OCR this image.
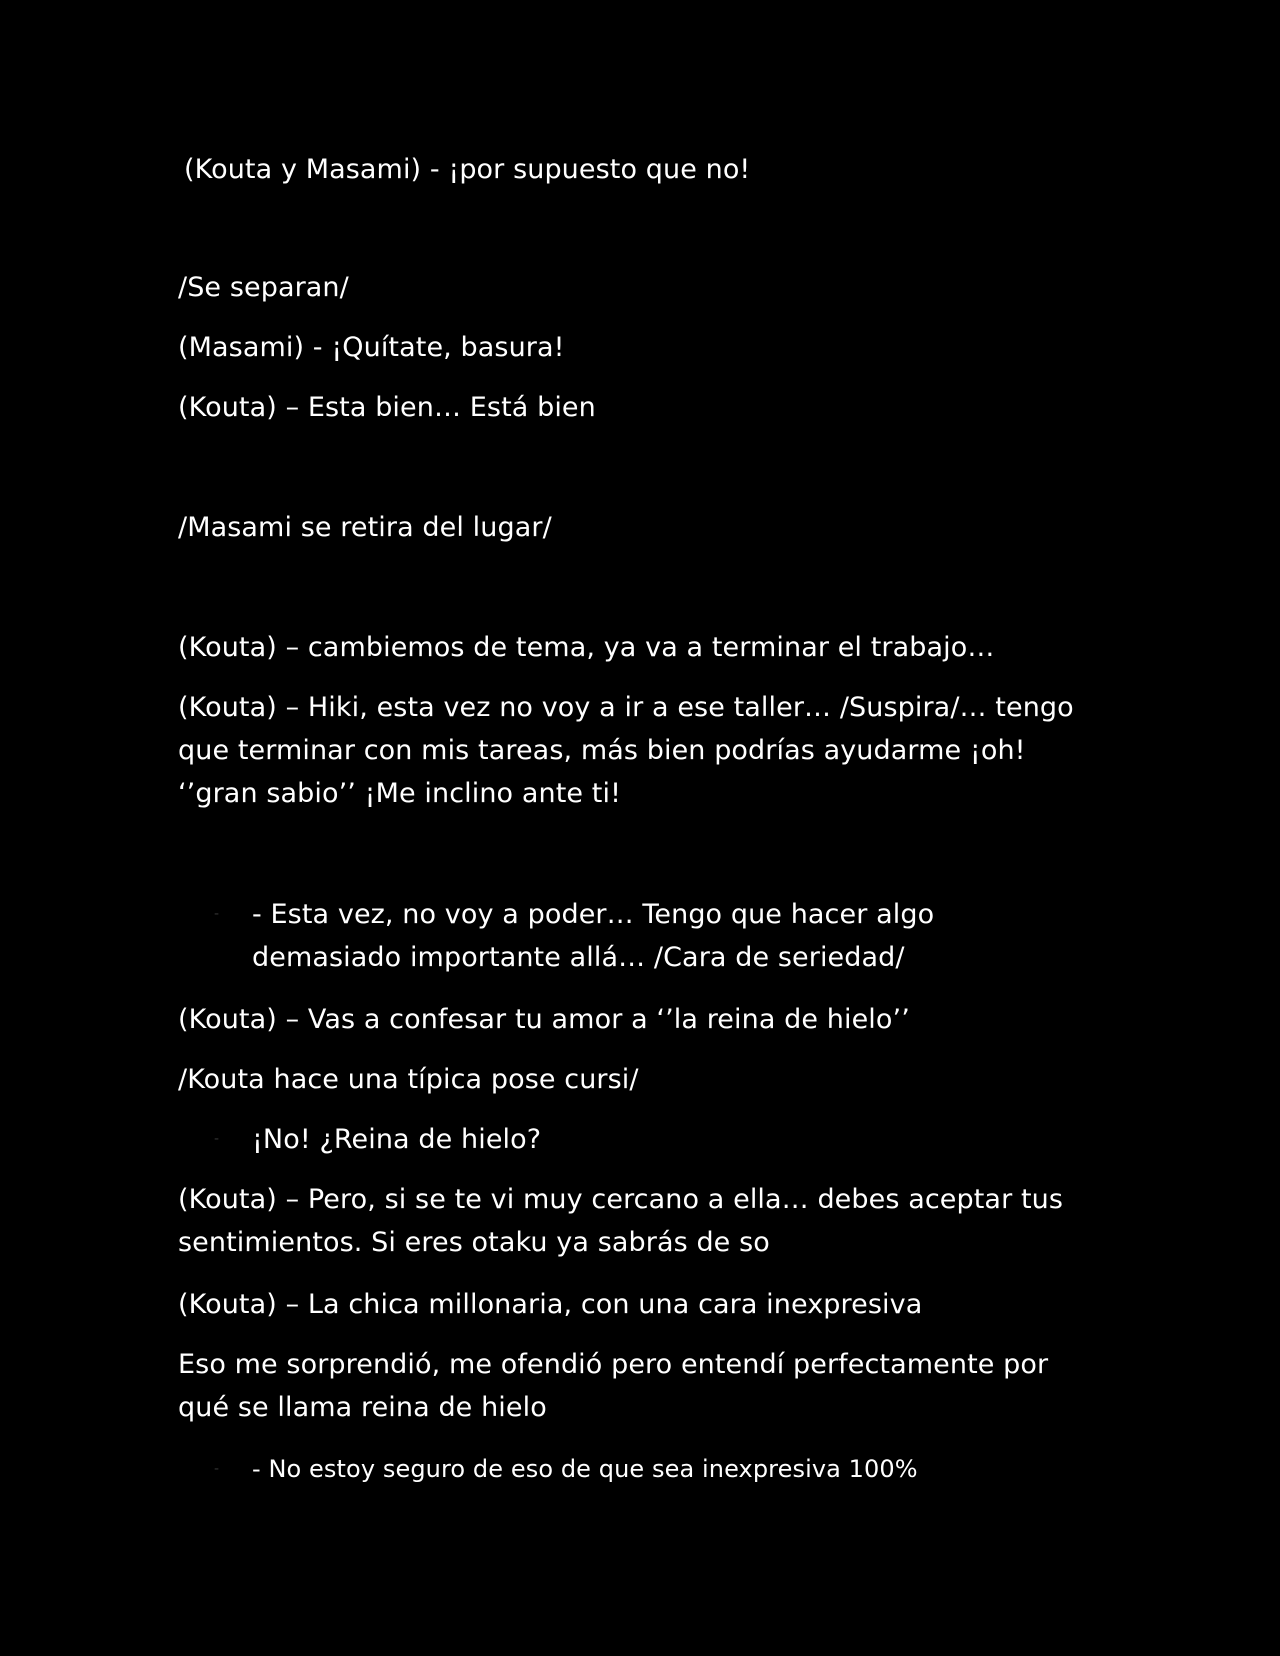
(Kouta y Masami) - ¡por supuesto que no!
/Se separan/
(Masami) - ¡Quítate, basura!
(Kouta) – Esta bien… Está bien
/Masami se retira del lugar/
(Kouta) – cambiemos de tema, ya va a terminar el trabajo…
(Kouta) – Hiki, esta vez no voy a ir a ese taller… /Suspira/… tengo que terminar con mis tareas, más bien podrías ayudarme ¡oh! ‘’gran sabio’’ ¡Me inclino ante ti!
- - Esta vez, no voy a poder… Tengo que hacer algo demasiado importante allá… /Cara de seriedad/
(Kouta) – Vas a confesar tu amor a ‘’la reina de hielo’’
/Kouta hace una típica pose cursi/
- ¡No! ¿Reina de hielo?
(Kouta) – Pero, si se te vi muy cercano a ella… debes aceptar tus sentimientos. Si eres otaku ya sabrás de so
(Kouta) – La chica millonaria, con una cara inexpresiva
Eso me sorprendió, me ofendió pero entendí perfectamente por qué se llama reina de hielo
- - No estoy seguro de eso de que sea inexpresiva 100%
